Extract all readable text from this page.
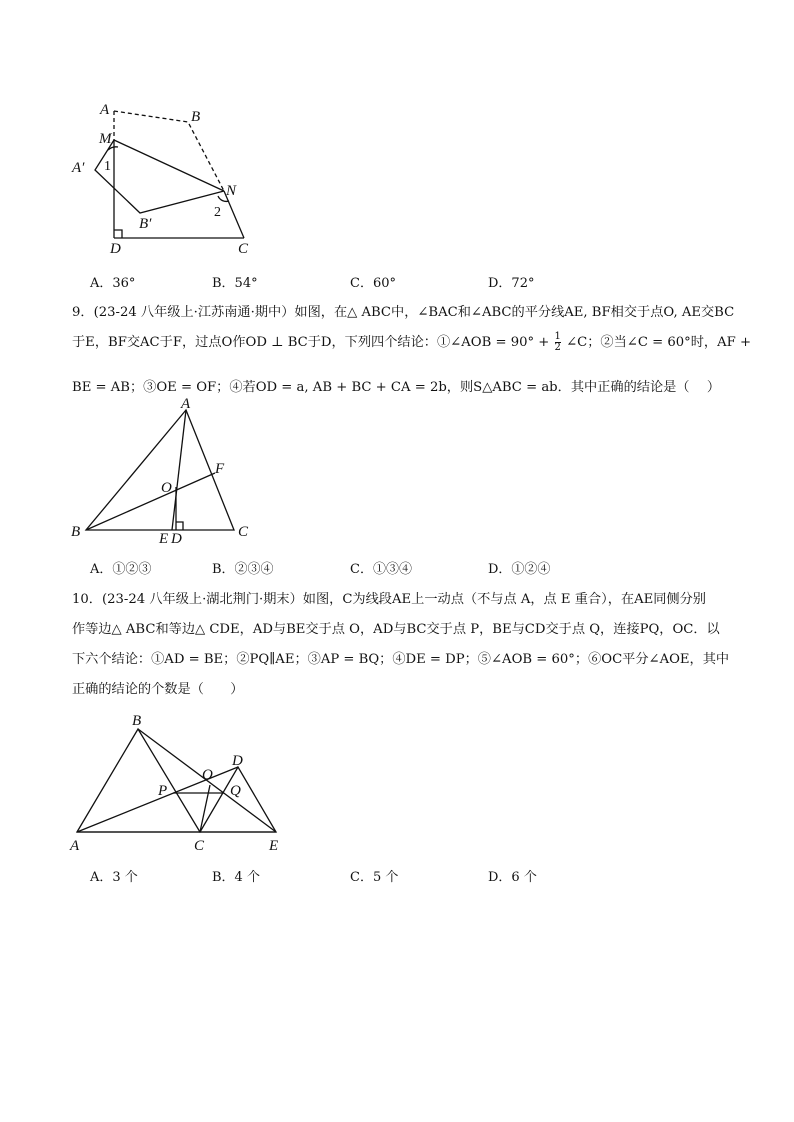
A	B
M
A′ 1
N
2
B′
D	C
A．36°	B．54°	C．60°	D．72°
9．(23-24 八年级上·江苏南通·期中）如图，在△ ABC中，∠BAC和∠ABC的平分线AE, BF相交于点O, AE交BC
于E，BF交AC于F，过点O作OD ⊥ BC于D，下列四个结论：①∠AOB = $90^\circ + \frac{1}{2}$ ∠C；②当∠C = 60°时，AF +
BE = AB；③OE = OF；④若OD = a, AB + BC + CA = 2b，则S△ABC = ab．其中正确的结论是（　 ）
A
F
O
B	E D	C
A．①②③	B．②③④	C．①③④	D．①②④
10．(23-24 八年级上·湖北荆门·期末）如图，C为线段AE上一动点（不与点 A，点 E 重合），在AE同侧分别
作等边△ ABC和等边△ CDE，AD与BE交于点 O，AD与BC交于点 P，BE与CD交于点 Q，连接PQ，OC．以
下六个结论：①AD = BE；②PQ∥AE；③AP = BQ；④DE = DP；⑤∠AOB = 60°；⑥OC平分∠AOE，其中
正确的结论的个数是（　　）
B
D
O
P	Q
A	C	E
A．3 个	B．4 个	C．5 个	D．6 个
